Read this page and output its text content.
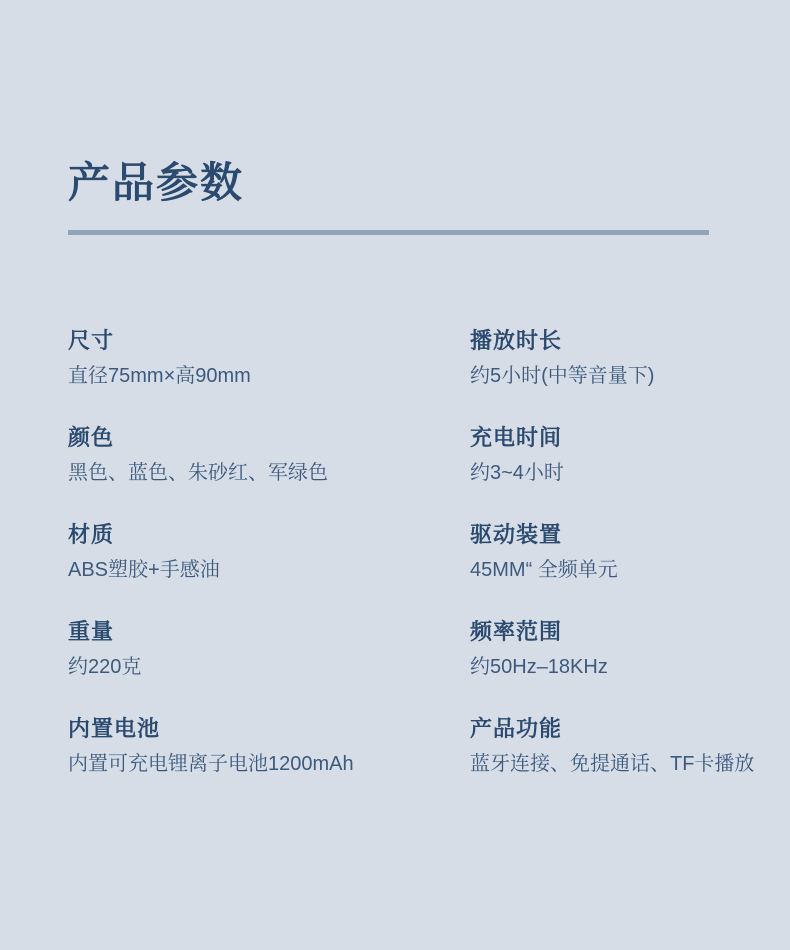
产品参数
尺寸
直径75mm×高90mm
颜色
黑色、蓝色、朱砂红、军绿色
材质
ABS塑胶+手感油
重量
约220克
内置电池
内置可充电锂离子电池1200mAh
播放时长
约5小时(中等音量下)
充电时间
约3~4小时
驱动装置
45MM“ 全频单元
频率范围
约50Hz–18KHz
产品功能
蓝牙连接、免提通话、TF卡播放
